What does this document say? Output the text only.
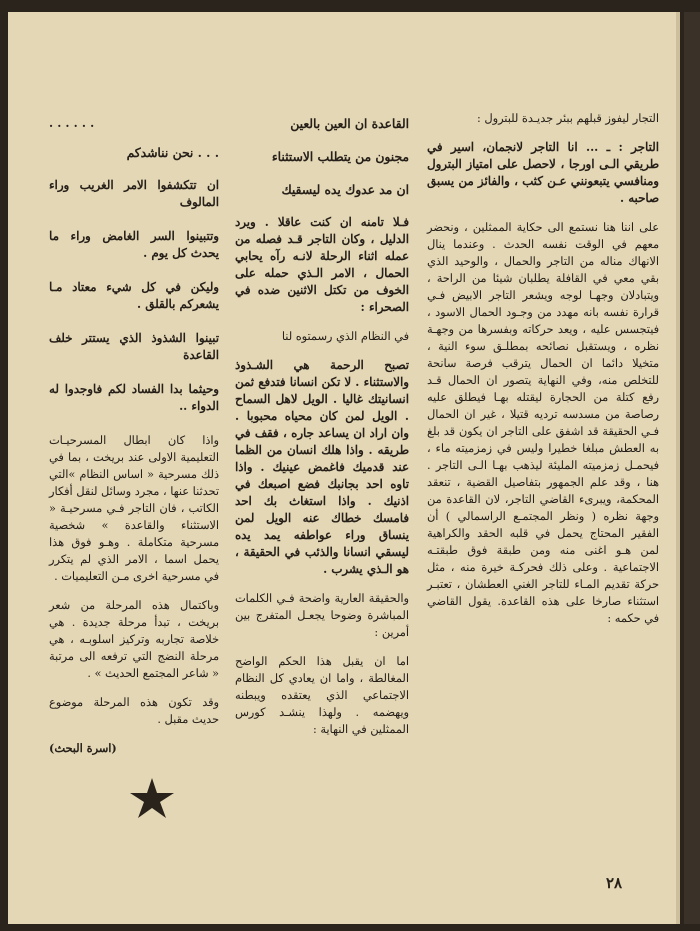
التجار ليفوز قبلهم ببئر جديـدة للبترول :

التاجر : ـ ... انا التاجر لانجمان، اسير في طريقي الـى اورجا ، لاحصل على امتياز البترول ومنافسي يتبعونني عـن كثب ، والفائز من يسبق صاحبه .

على اننا هنا نستمع الى حكاية الممثلين ، ونحضر معهم في الوقت نفسه الحدث . وعندما ينال الانهاك مناله من التاجر والحمال ، والوحيد الذي بقي معي في القافلة يطلبان شيئا من الراحة ، ويتبادلان وجهـا لوجه ويشعر التاجر الابيض فـي قرارة نفسه بانه مهدد من وجـود الحمال الاسود ، فيتجسس عليه ، ويعد حركاته وبفسرها من وجهـة نظره ، ويستقبل نصائحه بمطلـق سوء النية ، متخيلا دائما ان الحمال يترقب فرصة سانحة للتخلص منه، وفي النهاية يتصور ان الحمال قـد رفع كتلة من الحجارة ليقتله بهـا فيطلق عليه رصاصة من مسدسه ترديه قتيلا ، غير ان الحمال فـي الحقيقة قد اشفق على التاجر ان يكون قد بلغ به العطش مبلغا خطيرا وليس في زمزميته ماء ، فيحمـل زمزميته المليئة ليذهب بهـا الـى التاجر . هنا ، وقد علم الجمهور بتفاصيل القضية ، تنعقد المحكمة، ويبرىء القاضي التاجر، لان القاعدة من وجهة نظره ( ونظر المجتمـع الراسمالي ) أن الفقير المحتاج يحمل في قلبه الحقد والكراهية لمن هـو اغنى منه ومن طبقة فوق طبقتـه الاجتماعية . وعلى ذلك فحركـة خيرة منه ، مثل حركة تقديم المـاء للتاجر الغني العطشان ، تعتبـر استثناء صارخا على هذه القاعدة. يقول القاضي في حكمه :

القاعدة ان العين بالعين

مجنون من يتطلب الاستثناء

ان مد عدوك يده ليسقيك

فـلا تامنه ان كنت عاقلا . ويرد الدليل ، وكان التاجر قـد فصله من عمله اثناء الرحلة لانـه رآه يحابي الحمال ، الامر الـذي حمله على الخوف من تكتل الاثنين ضده في الصحراء :

في النظام الذي رسمتوه لنا

تصبح الرحمة هي الشـذوذ والاستثناء . لا تكن انسانا فتدفع ثمن انسانيتك غاليا . الويل لاهل السماح . الويل لمن كان محياه محبوبا . وان اراد ان يساعد جاره ، فقف في طريقه . واذا هلك انسان من الظما عند قدميك فاغمض عينيك . واذا تاوه احد بجانبك فضع اصبعك في اذنيك . واذا استغاث بك احد فامسك خطاك عنه الويل لمن ينساق وراء عواطفه يمد يده ليسقي انسانا والذئب في الحقيقة ، هو الـذي يشرب .

والحقيقة العارية واضحة فـي الكلمات المباشرة وضوحا يجعـل المتفرج بين أمرين :

اما ان يقبل هذا الحكم الواضح المغالطة ، واما ان يعادي كل النظام الاجتماعي الذي يعتقده ويبطنه ويهضمه . ولهذا ينشـد كورس الممثلين في النهاية :

. . . . . .

. . . نحن نناشدكم

ان تتكشفوا الامر الغريب وراء المالوف

وتتبينوا السر الغامض وراء ما يحدث كل يوم .

وليكن في كل شيء معتاد مـا يشعركم بالقلق .

تبينوا الشذوذ الذي يستتر خلف القاعدة

وحيثما بدا الفساد لكم فاوجدوا له الدواء ..

واذا كان ابطال المسرحيـات التعليمية الاولى عند بريخت ، بما في ذلك مسرحية « اساس النظام »التي تحدثنا عنها ، مجرد وسائل لنقل أفكار الكاتب ، فان التاجر فـي مسرحيـة « الاستثناء والقاعدة » شخصية مسرحية متكاملة . وهـو فوق هذا يحمل اسما ، الامر الذي لم يتكرر في مسرحية اخرى مـن التعليميات .

وباكتمال هذه المرحلة من شعر بريخت ، تبدأ مرحلة جديدة . هي خلاصة تجاربه وتركيز اسلوبـه ، هي مرحلة النضج التي ترفعه الى مرتبة « شاعر المجتمع الحديث » .

وقد تكون هذه المرحلة موضوع حديث مقبل .

(اسرة البحث)

٢٨
